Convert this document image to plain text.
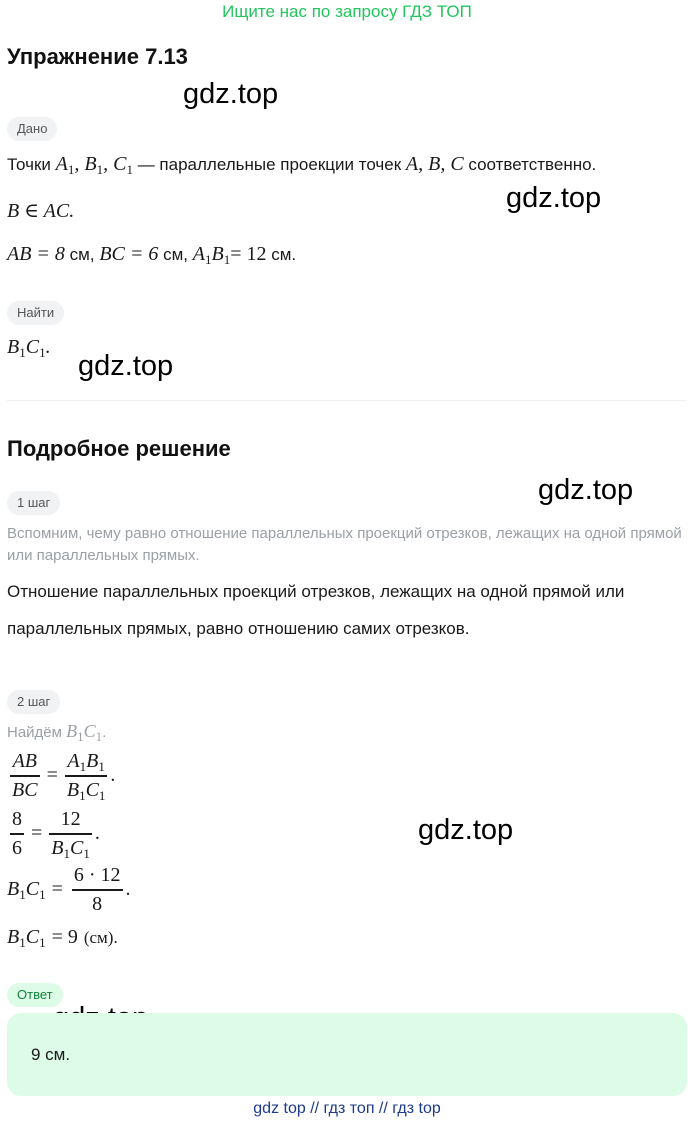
Ищите нас по запросу ГДЗ ТОП
Упражнение 7.13
gdz.top
gdz.top
gdz.top
gdz.top
gdz.top
Дано
Точки $A_1$, $B_1$, $C_1$ — параллельные проекции точек A, B, C соответственно.
B ∈ AC.
AB = 8 см, BC = 6 см, $A_1B_1= 12$ см.
Найти
$B_1C_1$.
Подробное решение
1 шаг
Вспомним, чему равно отношение параллельных проекций отрезков, лежащих на одной прямой или параллельных прямых.
Отношение параллельных проекций отрезков, лежащих на одной прямой или
параллельных прямых, равно отношению самих отрезков.
2 шаг
Найдём $B_1C_1$.
$\frac{AB}{BC} = \frac{A_1B_1}{B_1C_1}$ .
$\frac{8}{6} = \frac{12}{B_1C_1}$ .
$B_1C_1 = \frac{6 \cdot 12}{8}$ .
$B_1C_1 = 9$ (см).
Ответ
9 см.
gdz top // гдз топ // гдз top
